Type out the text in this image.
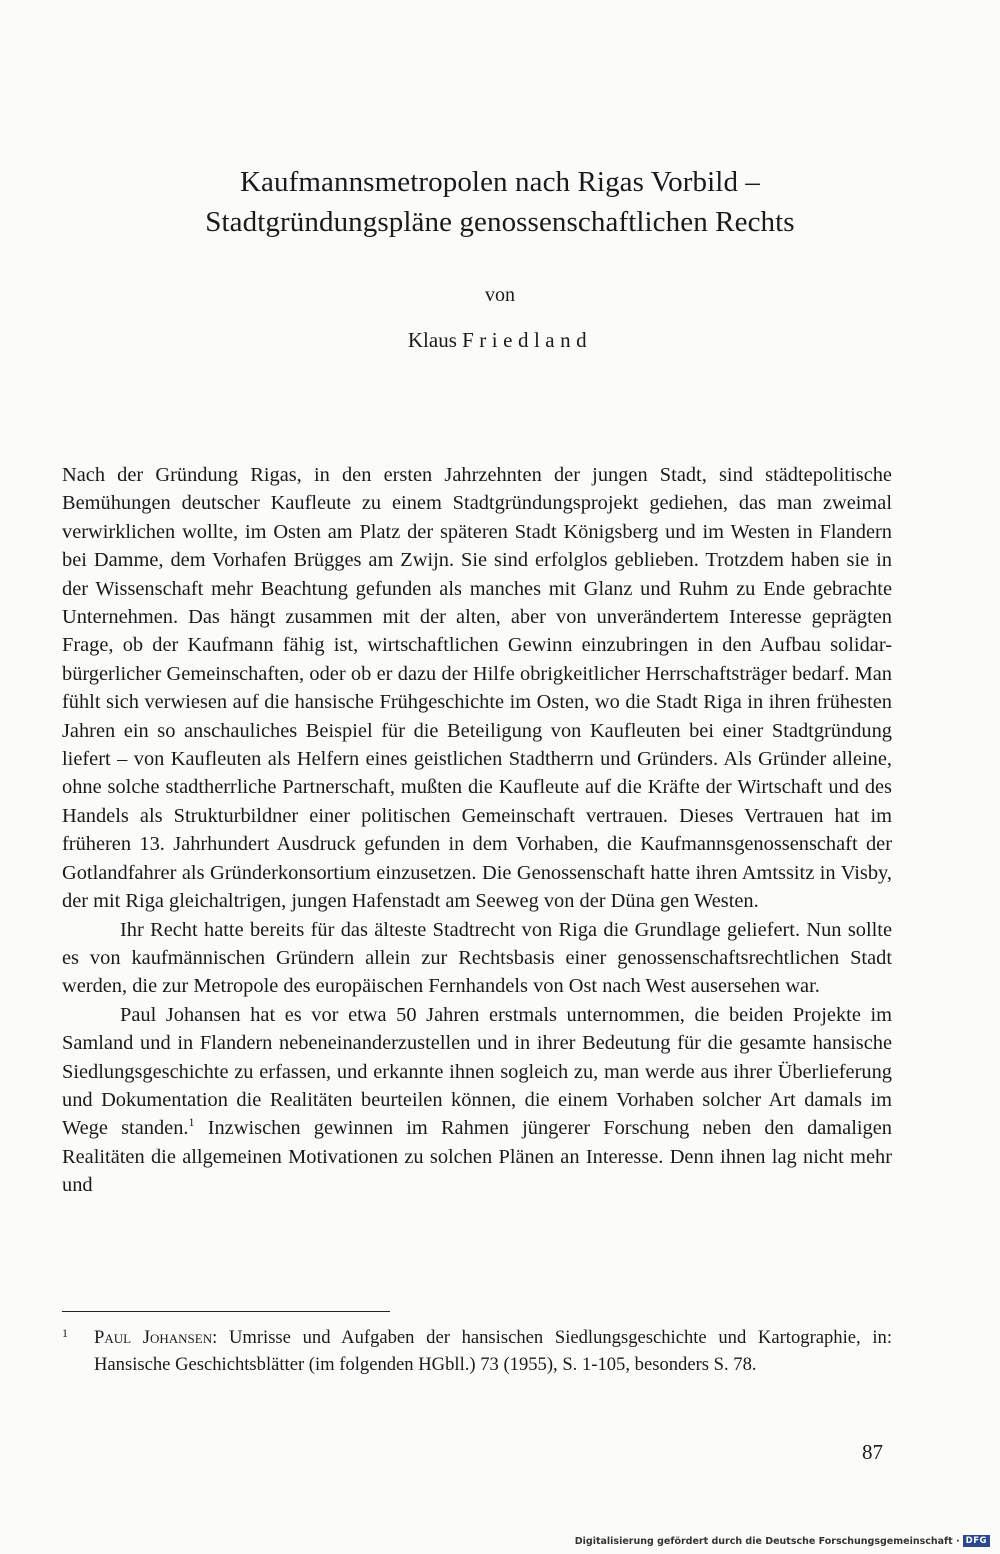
Kaufmannsmetropolen nach Rigas Vorbild –
Stadtgründungspläne genossenschaftlichen Rechts
von
Klaus Friedland

Nach der Gründung Rigas, in den ersten Jahrzehnten der jungen Stadt, sind städtepolitische Bemühungen deutscher Kaufleute zu einem Stadtgründungsprojekt gediehen, das man zweimal verwirklichen wollte, im Osten am Platz der späteren Stadt Königsberg und im Westen in Flandern bei Damme, dem Vorhafen Brügges am Zwijn. Sie sind erfolglos geblieben. Trotzdem haben sie in der Wissenschaft mehr Beachtung gefunden als manches mit Glanz und Ruhm zu Ende gebrachte Unternehmen. Das hängt zusammen mit der alten, aber von unverändertem Interesse geprägten Frage, ob der Kaufmann fähig ist, wirtschaftlichen Gewinn einzubringen in den Aufbau solidar-bürgerlicher Gemeinschaften, oder ob er dazu der Hilfe obrigkeitlicher Herrschaftsträger bedarf. Man fühlt sich verwiesen auf die hansische Frühgeschichte im Osten, wo die Stadt Riga in ihren frühesten Jahren ein so anschauliches Beispiel für die Beteiligung von Kaufleuten bei einer Stadtgründung liefert – von Kaufleuten als Helfern eines geistlichen Stadtherrn und Gründers. Als Gründer alleine, ohne solche stadtherrliche Partnerschaft, mußten die Kaufleute auf die Kräfte der Wirtschaft und des Handels als Strukturbildner einer politischen Gemeinschaft vertrauen. Dieses Vertrauen hat im früheren 13. Jahrhundert Ausdruck gefunden in dem Vorhaben, die Kaufmannsgenossenschaft der Gotlandfahrer als Gründerkonsortium einzusetzen. Die Genossenschaft hatte ihren Amtssitz in Visby, der mit Riga gleichaltrigen, jungen Hafenstadt am Seeweg von der Düna gen Westen.

Ihr Recht hatte bereits für das älteste Stadtrecht von Riga die Grundlage geliefert. Nun sollte es von kaufmännischen Gründern allein zur Rechtsbasis einer genossenschaftsrechtlichen Stadt werden, die zur Metropole des europäischen Fernhandels von Ost nach West ausersehen war.

Paul Johansen hat es vor etwa 50 Jahren erstmals unternommen, die beiden Projekte im Samland und in Flandern nebeneinanderzustellen und in ihrer Bedeutung für die gesamte hansische Siedlungsgeschichte zu erfassen, und erkannte ihnen sogleich zu, man werde aus ihrer Überlieferung und Dokumentation die Realitäten beurteilen können, die einem Vorhaben solcher Art damals im Wege standen.$^1$ Inzwischen gewinnen im Rahmen jüngerer Forschung neben den damaligen Realitäten die allgemeinen Motivationen zu solchen Plänen an Interesse. Denn ihnen lag nicht mehr und

1 Paul Johansen: Umrisse und Aufgaben der hansischen Siedlungsgeschichte und Kartographie, in: Hansische Geschichtsblätter (im folgenden HGbll.) 73 (1955), S. 1-105, besonders S. 78.
87
Digitalisierung gefördert durch die Deutsche Forschungsgemeinschaft · DFG
